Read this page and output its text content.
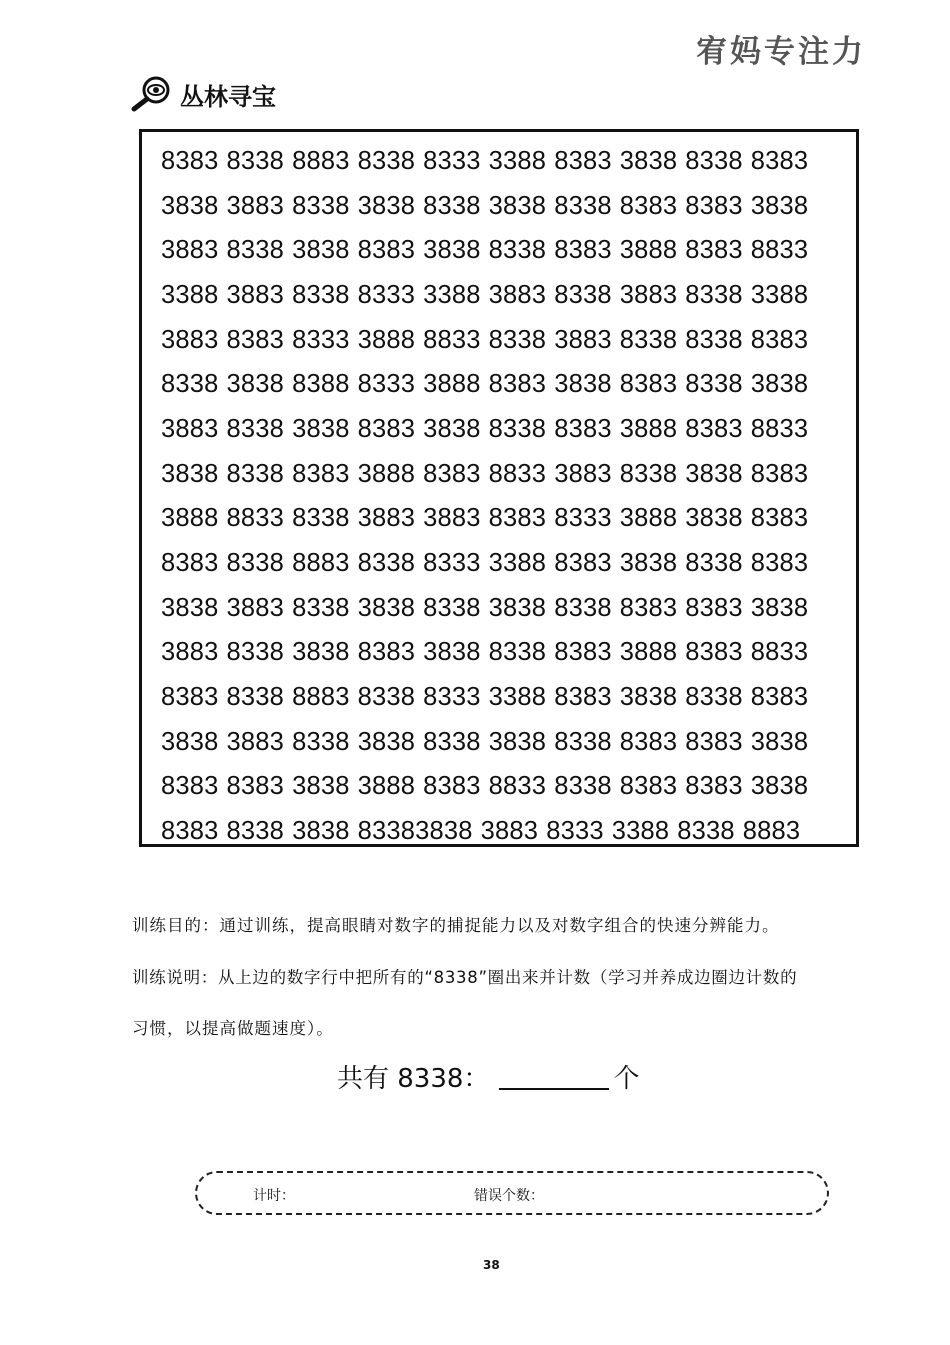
宥妈专注力
丛林寻宝
8383 8338 8883 8338 8333 3388 8383 3838 8338 8383
3838 3883 8338 3838 8338 3838 8338 8383 8383 3838
3883 8338 3838 8383 3838 8338 8383 3888 8383 8833
3388 3883 8338 8333 3388 3883 8338 3883 8338 3388
3883 8383 8333 3888 8833 8338 3883 8338 8338 8383
8338 3838 8388 8333 3888 8383 3838 8383 8338 3838
3883 8338 3838 8383 3838 8338 8383 3888 8383 8833
3838 8338 8383 3888 8383 8833 3883 8338 3838 8383
3888 8833 8338 3883 3883 8383 8333 3888 3838 8383
8383 8338 8883 8338 8333 3388 8383 3838 8338 8383
3838 3883 8338 3838 8338 3838 8338 8383 8383 3838
3883 8338 3838 8383 3838 8338 8383 3888 8383 8833
8383 8338 8883 8338 8333 3388 8383 3838 8338 8383
3838 3883 8338 3838 8338 3838 8338 8383 8383 3838
8383 8383 3838 3888 8383 8833 8338 8383 8383 3838
8383 8338 3838 83383838 3883 8333 3388 8338 8883
训练目的：通过训练，提高眼睛对数字的捕捉能力以及对数字组合的快速分辨能力。
训练说明：从上边的数字行中把所有的“8338”圈出来并计数（学习并养成边圈边计数的
习惯，以提高做题速度）。
共有 8338：	个
计时：	错误个数：
38
